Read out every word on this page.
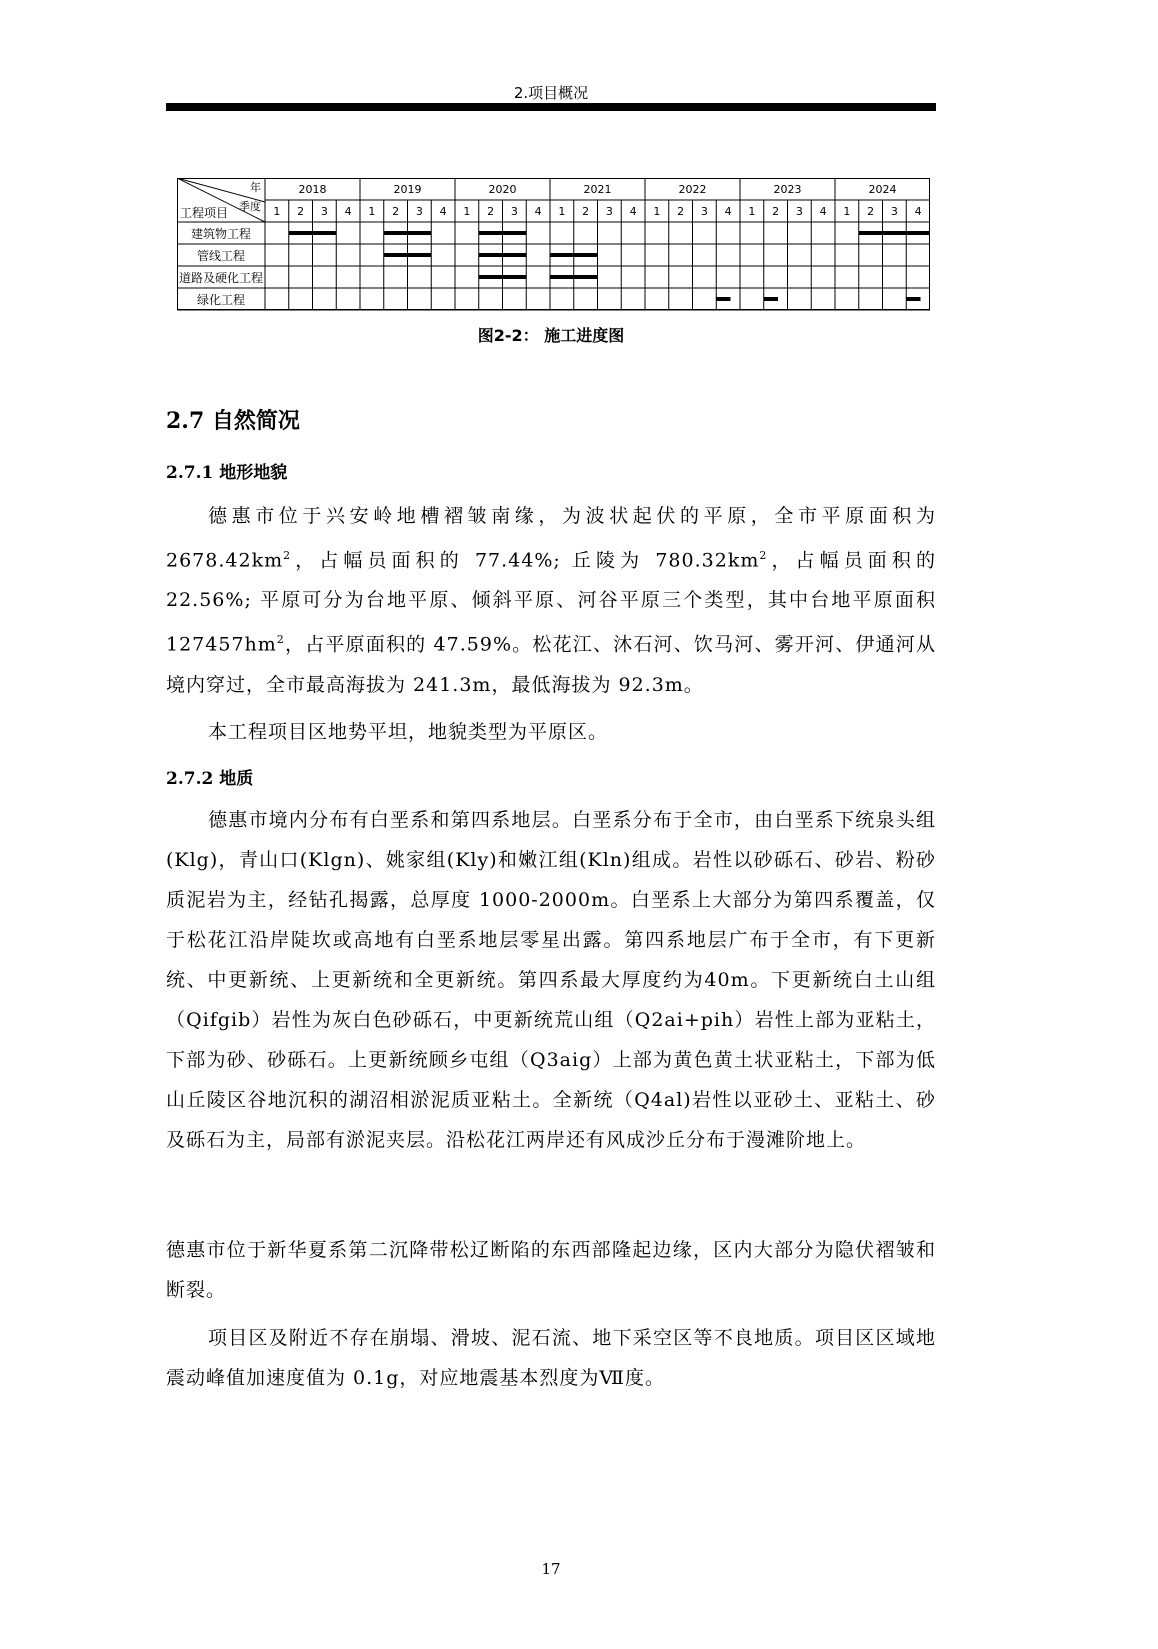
2.项目概况
年
季度
工程项目
2018
1 2 3 4
2019
1 2 3 4
2020
1 2 3 4
2021
1 2 3 4
2022
1 2 3 4
2023
1 2 3 4
2024
1 2 3 4
建筑物工程
管线工程
道路及硬化工程
绿化工程
图2-2： 施工进度图
2.7 自然简况
2.7.1 地形地貌
德惠市位于兴安岭地槽褶皱南缘，为波状起伏的平原，全市平原面积为$2678.42km^2$，占幅员面积的 77.44%; 丘陵为 $780.32km^2$，占幅员面积的 22.56%; 平原可分为台地平原、倾斜平原、河谷平原三个类型，其中台地平原面积$127457hm^2$，占平原面积的 47.59%。松花江、沐石河、饮马河、雾开河、伊通河从境内穿过，全市最高海拔为 241.3m，最低海拔为 92.3m。
本工程项目区地势平坦，地貌类型为平原区。
2.7.2 地质
德惠市境内分布有白垩系和第四系地层。白垩系分布于全市，由白垩系下统泉头组(Klg)，青山口(Klgn)、姚家组(Kly)和嫩江组(Kln)组成。岩性以砂砾石、砂岩、粉砂质泥岩为主，经钻孔揭露，总厚度 1000-2000m。白垩系上大部分为第四系覆盖，仅于松花江沿岸陡坎或高地有白垩系地层零星出露。第四系地层广布于全市，有下更新统、中更新统、上更新统和全更新统。第四系最大厚度约为40m。下更新统白土山组（Qifgib）岩性为灰白色砂砾石，中更新统荒山组（Q2ai+pih）岩性上部为亚粘土，下部为砂、砂砾石。上更新统顾乡屯组（Q3aig）上部为黄色黄土状亚粘土，下部为低山丘陵区谷地沉积的湖沼相淤泥质亚粘土。全新统（Q4al)岩性以亚砂土、亚粘土、砂及砾石为主，局部有淤泥夹层。沿松花江两岸还有风成沙丘分布于漫滩阶地上。
德惠市位于新华夏系第二沉降带松辽断陷的东西部隆起边缘，区内大部分为隐伏褶皱和断裂。
项目区及附近不存在崩塌、滑坡、泥石流、地下采空区等不良地质。项目区区域地震动峰值加速度值为 0.1g，对应地震基本烈度为Ⅶ度。
17
